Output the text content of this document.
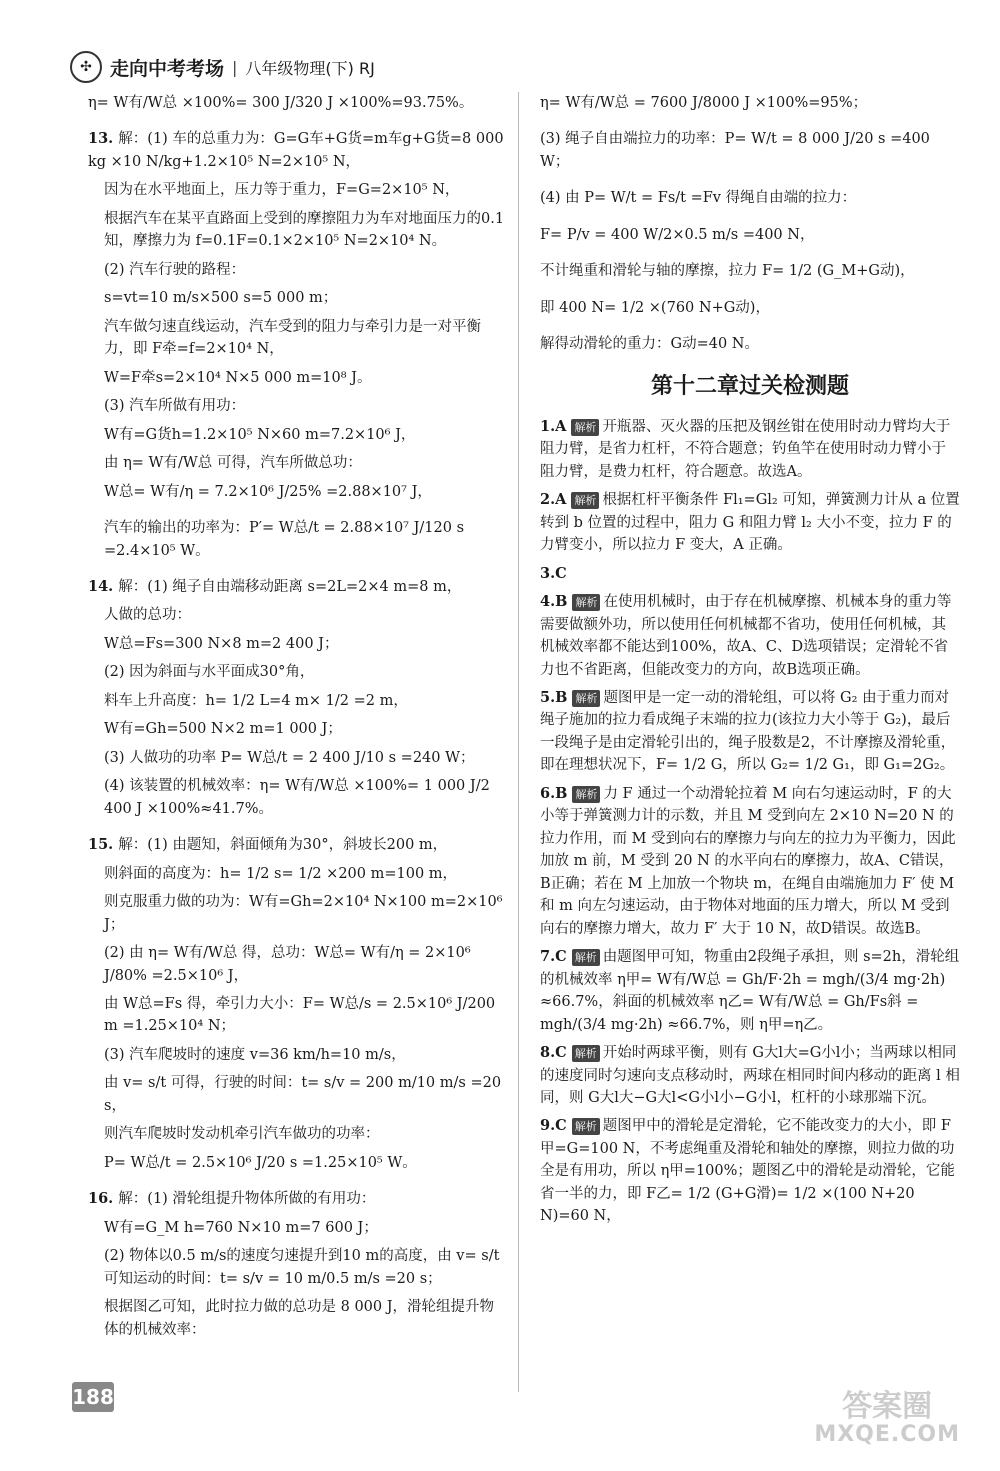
✣ 走向中考考场 | 八年级物理(下) RJ
η= W有/W总 ×100%= 300 J/320 J ×100%=93.75%。
13. 解：(1) 车的总重力为：G=G车+G货=m车g+G货=8 000 kg ×10 N/kg+1.2×10⁵ N=2×10⁵ N，
因为在水平地面上，压力等于重力，F=G=2×10⁵ N，
根据汽车在某平直路面上受到的摩擦阻力为车对地面压力的0.1知，摩擦力为 f=0.1F=0.1×2×10⁵ N=2×10⁴ N。
(2) 汽车行驶的路程：
s=vt=10 m/s×500 s=5 000 m；
汽车做匀速直线运动，汽车受到的阻力与牵引力是一对平衡力，即 F牵=f=2×10⁴ N，
W=F牵s=2×10⁴ N×5 000 m=10⁸ J。
(3) 汽车所做有用功：
W有=G货h=1.2×10⁵ N×60 m=7.2×10⁶ J，
由 η= W有/W总 可得，汽车所做总功：
W总= W有/η = 7.2×10⁶ J/25% =2.88×10⁷ J，
汽车的输出的功率为：P′= W总/t = 2.88×10⁷ J/120 s =2.4×10⁵ W。
14. 解：(1) 绳子自由端移动距离 s=2L=2×4 m=8 m，
人做的总功：
W总=Fs=300 N×8 m=2 400 J；
(2) 因为斜面与水平面成30°角，
料车上升高度：h= 1/2 L=4 m× 1/2 =2 m，
W有=Gh=500 N×2 m=1 000 J；
(3) 人做功的功率 P= W总/t = 2 400 J/10 s =240 W；
(4) 该装置的机械效率：η= W有/W总 ×100%= 1 000 J/2 400 J ×100%≈41.7%。
15. 解：(1) 由题知，斜面倾角为30°，斜坡长200 m，
则斜面的高度为：h= 1/2 s= 1/2 ×200 m=100 m，
则克服重力做的功为：W有=Gh=2×10⁴ N×100 m=2×10⁶ J；
(2) 由 η= W有/W总 得，总功：W总= W有/η = 2×10⁶ J/80% =2.5×10⁶ J，
由 W总=Fs 得，牵引力大小：F= W总/s = 2.5×10⁶ J/200 m =1.25×10⁴ N；
(3) 汽车爬坡时的速度 v=36 km/h=10 m/s，
由 v= s/t 可得，行驶的时间：t= s/v = 200 m/10 m/s =20 s，
则汽车爬坡时发动机牵引汽车做功的功率：
P= W总/t = 2.5×10⁶ J/20 s =1.25×10⁵ W。
16. 解：(1) 滑轮组提升物体所做的有用功：
W有=G_M h=760 N×10 m=7 600 J；
(2) 物体以0.5 m/s的速度匀速提升到10 m的高度，由 v= s/t 可知运动的时间：t= s/v = 10 m/0.5 m/s =20 s；
根据图乙可知，此时拉力做的总功是 8 000 J，滑轮组提升物体的机械效率：
η= W有/W总 = 7600 J/8000 J ×100%=95%；
(3) 绳子自由端拉力的功率：P= W/t = 8 000 J/20 s =400 W；
(4) 由 P= W/t = Fs/t =Fv 得绳自由端的拉力：
F= P/v = 400 W/2×0.5 m/s =400 N，
不计绳重和滑轮与轴的摩擦，拉力 F= 1/2 (G_M+G动)，
即 400 N= 1/2 ×(760 N+G动)，
解得动滑轮的重力：G动=40 N。
第十二章过关检测题
1.A 解析 开瓶器、灭火器的压把及钢丝钳在使用时动力臂均大于阻力臂，是省力杠杆，不符合题意；钓鱼竿在使用时动力臂小于阻力臂，是费力杠杆，符合题意。故选A。
2.A 解析 根据杠杆平衡条件 Fl₁=Gl₂ 可知，弹簧测力计从 a 位置转到 b 位置的过程中，阻力 G 和阻力臂 l₂ 大小不变，拉力 F 的力臂变小，所以拉力 F 变大，A 正确。
3.C
4.B 解析 在使用机械时，由于存在机械摩擦、机械本身的重力等需要做额外功，所以使用任何机械都不省功，使用任何机械，其机械效率都不能达到100%，故A、C、D选项错误；定滑轮不省力也不省距离，但能改变力的方向，故B选项正确。
5.B 解析 题图甲是一定一动的滑轮组，可以将 G₂ 由于重力而对绳子施加的拉力看成绳子末端的拉力(该拉力大小等于 G₂)，最后一段绳子是由定滑轮引出的，绳子股数是2，不计摩擦及滑轮重，即在理想状况下，F= 1/2 G，所以 G₂= 1/2 G₁，即 G₁=2G₂。
6.B 解析 力 F 通过一个动滑轮拉着 M 向右匀速运动时，F 的大小等于弹簧测力计的示数，并且 M 受到向左 2×10 N=20 N 的拉力作用，而 M 受到向右的摩擦力与向左的拉力为平衡力，因此加放 m 前，M 受到 20 N 的水平向右的摩擦力，故A、C错误，B正确；若在 M 上加放一个物块 m，在绳自由端施加力 F′ 使 M 和 m 向左匀速运动，由于物体对地面的压力增大，所以 M 受到向右的摩擦力增大，故力 F′ 大于 10 N，故D错误。故选B。
7.C 解析 由题图甲可知，物重由2段绳子承担，则 s=2h，滑轮组的机械效率 η甲= W有/W总 = Gh/F·2h = mgh/(3/4 mg·2h) ≈66.7%，斜面的机械效率 η乙= W有/W总 = Gh/Fs斜 = mgh/(3/4 mg·2h) ≈66.7%，则 η甲=η乙。
8.C 解析 开始时两球平衡，则有 G大l大=G小l小；当两球以相同的速度同时匀速向支点移动时，两球在相同时间内移动的距离 l 相同，则 G大l大−G大l<G小l小−G小l，杠杆的小球那端下沉。
9.C 解析 题图甲中的滑轮是定滑轮，它不能改变力的大小，即 F甲=G=100 N，不考虑绳重及滑轮和轴处的摩擦，则拉力做的功全是有用功，所以 η甲=100%；题图乙中的滑轮是动滑轮，它能省一半的力，即 F乙= 1/2 (G+G滑)= 1/2 ×(100 N+20 N)=60 N，
188	答案圈
MXQE.COM
